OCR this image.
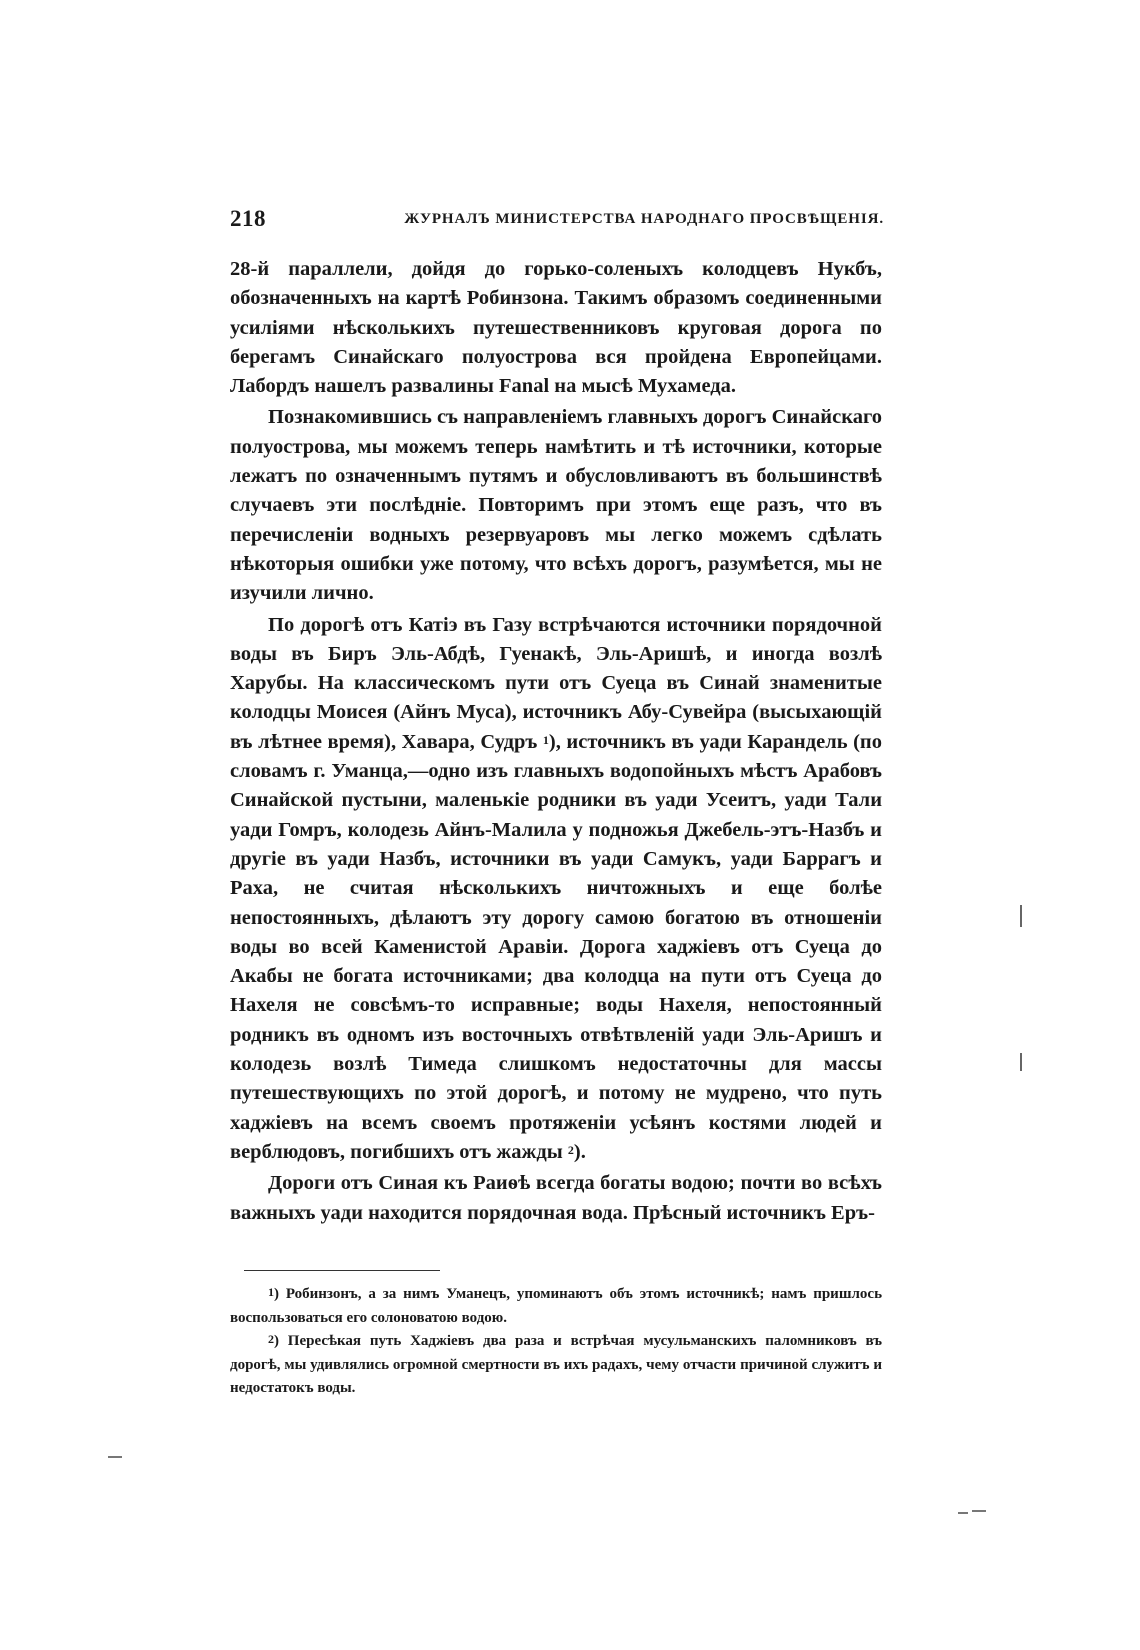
218	ЖУРНАЛЪ МИНИСТЕРСТВА НАРОДНАГО ПРОСВѢЩЕНІЯ.

28-й параллели, дойдя до горько-соленыхъ колодцевъ Нукбъ, обозначенныхъ на картѣ Робинзона. Такимъ образомъ соединенными усиліями нѣсколькихъ путешественниковъ круговая дорога по берегамъ Синайскаго полуострова вся пройдена Европейцами. Лабордъ нашелъ развалины Fanal на мысѣ Мухамеда.

Познакомившись съ направленіемъ главныхъ дорогъ Синайскаго полуострова, мы можемъ теперь намѣтить и тѣ источники, которые лежатъ по означеннымъ путямъ и обусловливаютъ въ большинствѣ случаевъ эти послѣдніе. Повторимъ при этомъ еще разъ, что въ перечисленіи водныхъ резервуаровъ мы легко можемъ сдѣлать нѣкоторыя ошибки уже потому, что всѣхъ дорогъ, разумѣется, мы не изучили лично.

По дорогѣ отъ Катіэ въ Газу встрѣчаются источники порядочной воды въ Биръ Эль-Абдѣ, Гуенакѣ, Эль-Аришѣ, и иногда возлѣ Харубы. На классическомъ пути отъ Суеца въ Синай знаменитые колодцы Моисея (Айнъ Муса), источникъ Абу-Сувейра (высыхающій въ лѣтнее время), Хавара, Судръ $^1$), источникъ въ уади Карандель (по словамъ г. Уманца,—одно изъ главныхъ водопойныхъ мѣстъ Арабовъ Синайской пустыни, маленькіе родники въ уади Усеитъ, уади Тали уади Гомръ, колодезь Айнъ-Малила у подножья Джебель-этъ-Назбъ и другіе въ уади Назбъ, источники въ уади Самукъ, уади Баррагъ и Раха, не считая нѣсколькихъ ничтожныхъ и еще болѣе непостоянныхъ, дѣлаютъ эту дорогу самою богатою въ отношеніи воды во всей Каменистой Аравіи. Дорога хаджіевъ отъ Суеца до Акабы не богата источниками; два колодца на пути отъ Суеца до Нахеля не совсѣмъ-то исправные; воды Нахеля, непостоянный родникъ въ одномъ изъ восточныхъ отвѣтвленій уади Эль-Аришъ и колодезь возлѣ Тимеда слишкомъ недостаточны для массы путешествующихъ по этой дорогѣ, и потому не мудрено, что путь хаджіевъ на всемъ своемъ протяженіи усѣянъ костями людей и верблюдовъ, погибшихъ отъ жажды $^2$).

Дороги отъ Синая къ Раиѳѣ всегда богаты водою; почти во всѣхъ важныхъ уади находится порядочная вода. Прѣсный источникъ Еръ-

$^1$) Робинзонъ, а за нимъ Уманецъ, упоминаютъ объ этомъ источникѣ; намъ пришлось воспользоваться его солоноватою водою.

$^2$) Пересѣкая путь Хаджіевъ два раза и встрѣчая мусульманскихъ паломниковъ въ дорогѣ, мы удивлялись огромной смертности въ ихъ радахъ, чему отчасти причиной служитъ и недостатокъ воды.
